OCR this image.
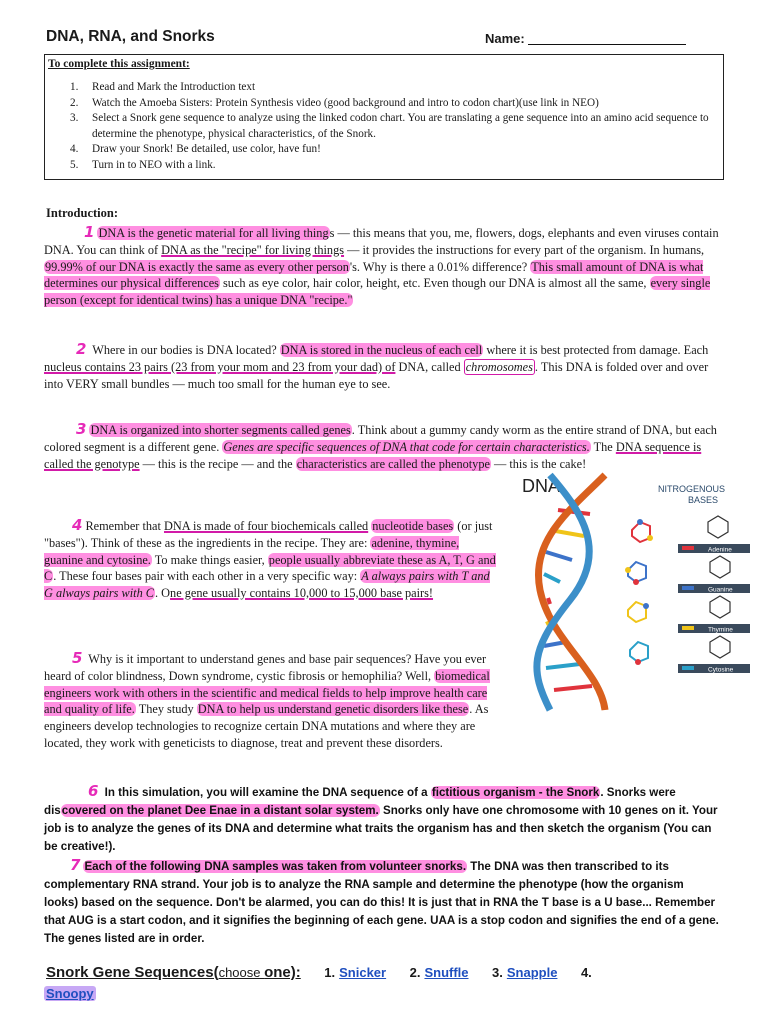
DNA, RNA, and Snorks	Name:
To complete this assignment:
1. Read and Mark the Introduction text
2. Watch the Amoeba Sisters: Protein Synthesis video (good background and intro to codon chart)(use link in NEO)
3. Select a Snork gene sequence to analyze using the linked codon chart. You are translating a gene sequence into an amino acid sequence to determine the phenotype, physical characteristics, of the Snork.
4. Draw your Snork! Be detailed, use color, have fun!
5. Turn in to NEO with a link.
Introduction:
1 DNA is the genetic material for all living things — this means that you, me, flowers, dogs, elephants and even viruses contain DNA. You can think of DNA as the "recipe" for living things — it provides the instructions for every part of the organism. In humans, 99.99% of our DNA is exactly the same as every other person's. Why is there a 0.01% difference? This small amount of DNA is what determines our physical differences such as eye color, hair color, height, etc. Even though our DNA is almost all the same, every single person (except for identical twins) has a unique DNA "recipe."
2 Where in our bodies is DNA located? DNA is stored in the nucleus of each cell where it is best protected from damage. Each nucleus contains 23 pairs (23 from your mom and 23 from your dad) of DNA, called chromosomes . This DNA is folded over and over into VERY small bundles — much too small for the human eye to see.
3 DNA is organized into shorter segments called genes. Think about a gummy candy worm as the entire strand of DNA, but each colored segment is a different gene. Genes are specific sequences of DNA that code for certain characteristics. The DNA sequence is called the genotype — this is the recipe — and the characteristics are called the phenotype — this is the cake!
4 Remember that DNA is made of four biochemicals called nucleotide bases (or just "bases"). Think of these as the ingredients in the recipe. They are: adenine, thymine, guanine and cytosine. To make things easier, people usually abbreviate these as A, T, G and C. These four bases pair with each other in a very specific way: A always pairs with T and G always pairs with C. One gene usually contains 10,000 to 15,000 base pairs!
5 Why is it important to understand genes and base pair sequences? Have you ever heard of color blindness, Down syndrome, cystic fibrosis or hemophilia? Well, biomedical engineers work with others in the scientific and medical fields to help improve health care and quality of life. They study DNA to help us understand genetic disorders like these. As engineers develop technologies to recognize certain DNA mutations and where they are located, they work with geneticists to diagnose, treat and prevent these disorders.
6 In this simulation, you will examine the DNA sequence of a fictitious organism - the Snork. Snorks were discovered on the planet Dee Enae in a distant solar system. Snorks only have one chromosome with 10 genes on it. Your job is to analyze the genes of its DNA and determine what traits the organism has and then sketch the organism (You can be creative!).
7 Each of the following DNA samples was taken from volunteer snorks. The DNA was then transcribed to its complementary RNA strand. Your job is to analyze the RNA sample and determine the phenotype (how the organism looks) based on the sequence. Don't be alarmed, you can do this! It is just that in RNA the T base is a U base... Remember that AUG is a start codon, and it signifies the beginning of each gene. UAA is a stop codon and signifies the end of a gene. The genes listed are in order.
DNA	NITROGENOUS
BASES
Adenine
Guanine
Thymine
Cytosine
Snork Gene Sequences(choose one): 1. Snicker 2. Snuffle 3. Snapple 4.
Snoopy
